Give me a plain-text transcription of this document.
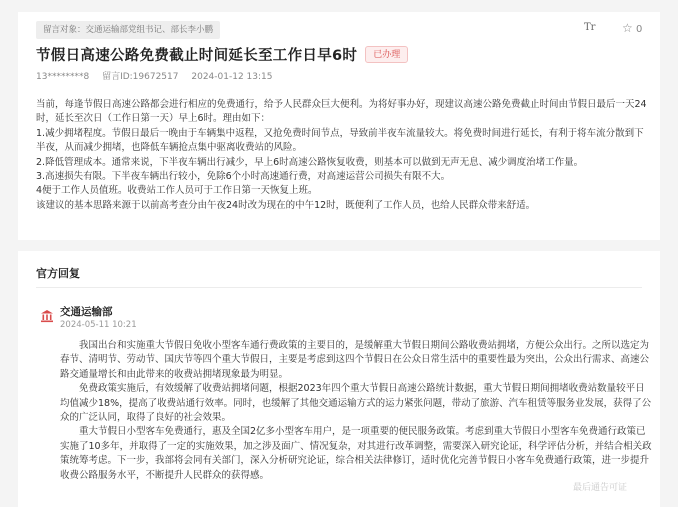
留言对象：交通运输部党组书记、部长李小鹏	Tr ☆ 0
节假日高速公路免费截止时间延长至工作日早6时	已办理
13********8 留言ID:19672517 2024-01-12 13:15

当前，每逢节假日高速公路都会进行相应的免费通行，给予人民群众巨大便利。为将好事办好，现建议高速公路免费截止时间由节假日最后一天24时，延长至次日（工作日第一天）早上6时。理由如下：

1.减少拥堵程度。节假日最后一晚由于车辆集中返程，又抢免费时间节点，导致前半夜车流量较大。将免费时间进行延长，有利于将车流分散到下半夜，从而减少拥堵，也降低车辆抢点集中驱离收费站的风险。

2.降低管理成本。通常来说，下半夜车辆出行减少，早上6时高速公路恢复收费，则基本可以做到无声无息、减少调度治堵工作量。

3.高速损失有限。下半夜车辆出行较小，免除6个小时高速通行费，对高速运营公司损失有限不大。

4便于工作人员值班。收费站工作人员可于工作日第一天恢复上班。

该建议的基本思路来源于以前高考查分由午夜24时改为现在的中午12时，既便利了工作人员，也给人民群众带来舒适。

官方回复
交通运输部
2024-05-11 10:21

我国出台和实施重大节假日免收小型客车通行费政策的主要目的，是缓解重大节假日期间公路收费站拥堵，方便公众出行。之所以选定为春节、清明节、劳动节、国庆节等四个重大节假日，主要是考虑到这四个节假日在公众日常生活中的重要性最为突出，公众出行需求、高速公路交通量增长和由此带来的收费站拥堵现象最为明显。

免费政策实施后，有效缓解了收费站拥堵问题，根据2023年四个重大节假日高速公路统计数据，重大节假日期间拥堵收费站数量较平日均值减少18%，提高了收费站通行效率。同时，也缓解了其他交通运输方式的运力紧张问题，带动了旅游、汽车租赁等服务业发展，获得了公众的广泛认同，取得了良好的社会效果。

重大节假日小型客车免费通行，惠及全国2亿多小型客车用户，是一项重要的便民服务政策。考虑到重大节假日小型客车免费通行政策已实施了10多年，并取得了一定的实施效果，加之涉及面广、情况复杂，对其进行改革调整，需要深入研究论证，科学评估分析，并结合相关政策统筹考虑。下一步，我部将会同有关部门，深入分析研究论证，综合相关法律修订，适时优化完善节假日小客车免费通行政策，进一步提升收费公路服务水平，不断提升人民群众的获得感。

最后通告可证
